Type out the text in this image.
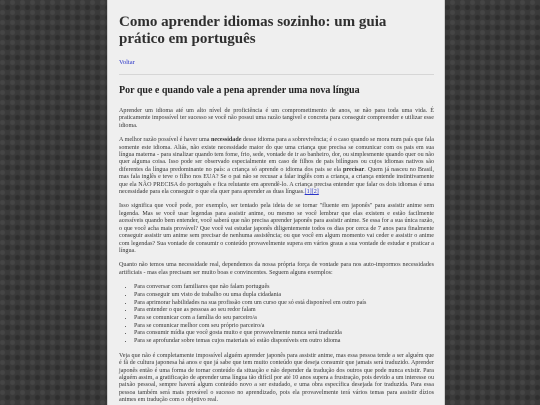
Como aprender idiomas sozinho: um guia prático em português
Voltar
Por que e quando vale a pena aprender uma nova língua

Aprender um idioma até um alto nível de proficiência é um comprometimento de anos, se não para toda uma vida. É praticamente impossível ter sucesso se você não possui uma razão tangível e concreta para conseguir compreender e utilizar esse idioma.

A melhor razão possível é haver uma necessidade desse idioma para a sobrevivência; é o caso quando se mora num país que fala somente este idioma. Aliás, não existe necessidade maior do que uma criança que precisa se comunicar com os pais em sua língua materna - para sinalizar quando tem fome, frio, sede, vontade de ir ao banheiro, dor, ou simplesmente quando quer ou não quer alguma coisa. Isso pode ser observado especialmente em caso de filhos de pais bilíngues ou cujos idiomas nativos são diferentes da língua predominante no país: a criança só aprende o idioma dos pais se ela precisar. Quem já nasceu no Brasil, mas fala inglês e teve o filho nos EUA? Se o pai não se recusar a falar inglês com a criança, a criança entende instintivamente que ela NÃO PRECISA do português e fica relutante em aprendê-lo. A criança precisa entender que falar os dois idiomas é uma necessidade para ela conseguir o que ela quer para aprender as duas línguas.[1][2]

Isso significa que você pode, por exemplo, ser tentado pela ideia de se tornar "fluente em japonês" para assistir anime sem legenda. Mas se você usar legendas para assistir anime, ou mesmo se você lembrar que elas existem e estão facilmente acessíveis quando bem entender, você saberá que não precisa aprender japonês para assistir anime. Se essa for a sua única razão, o que você acha mais provável? Que você vai estudar japonês diligentemente todos os dias por cerca de 7 anos para finalmente conseguir assistir um anime sem precisar de nenhuma assistência; ou que você em algum momento vai ceder e assistir o anime com legendas? Sua vontade de consumir o conteúdo provavelmente supera em vários graus a sua vontade de estudar e praticar a língua.

Quanto não temos uma necessidade real, dependemos da nossa própria força de vontade para nos auto-impormos necessidades artificiais - mas elas precisam ser muito boas e convincentes. Seguem alguns exemplos:

• Para conversar com familiares que não falam português
• Para conseguir um visto de trabalho ou uma dupla cidadania
• Para aprimorar habilidades na sua profissão com um curso que só está disponível em outro país
• Para entender o que as pessoas ao seu redor falam
• Para se comunicar com a família do seu parceiro/a
• Para se comunicar melhor com seu próprio parceiro/a
• Para consumir mídia que você gosta muito e que provavelmente nunca será traduzida
• Para se aprofundar sobre temas cujos materiais só estão disponíveis em outro idioma

Veja que não é completamente impossível alguém aprender japonês para assistir anime, mas essa pessoa tende a ser alguém que é fã de cultura japonesa há anos e que já sabe que tem muito conteúdo que deseja consumir que jamais será traduzido. Aprender japonês então é uma forma de tornar conteúdo da situação e não depender da tradução dos outros que pode nunca existir. Para alguém assim, a gratificação de aprender uma língua tão difícil por até 10 anos supera a frustração, pois devido a um interesse ou paixão pessoal, sempre haverá algum conteúdo novo a ser estudado, e uma obra específica desejada for traduzida. Para essa pessoa também será mais provável o sucesso no aprendizado, pois ela provavelmente terá vários temas para assistir dízios animes em tradução com o objetivo real.
